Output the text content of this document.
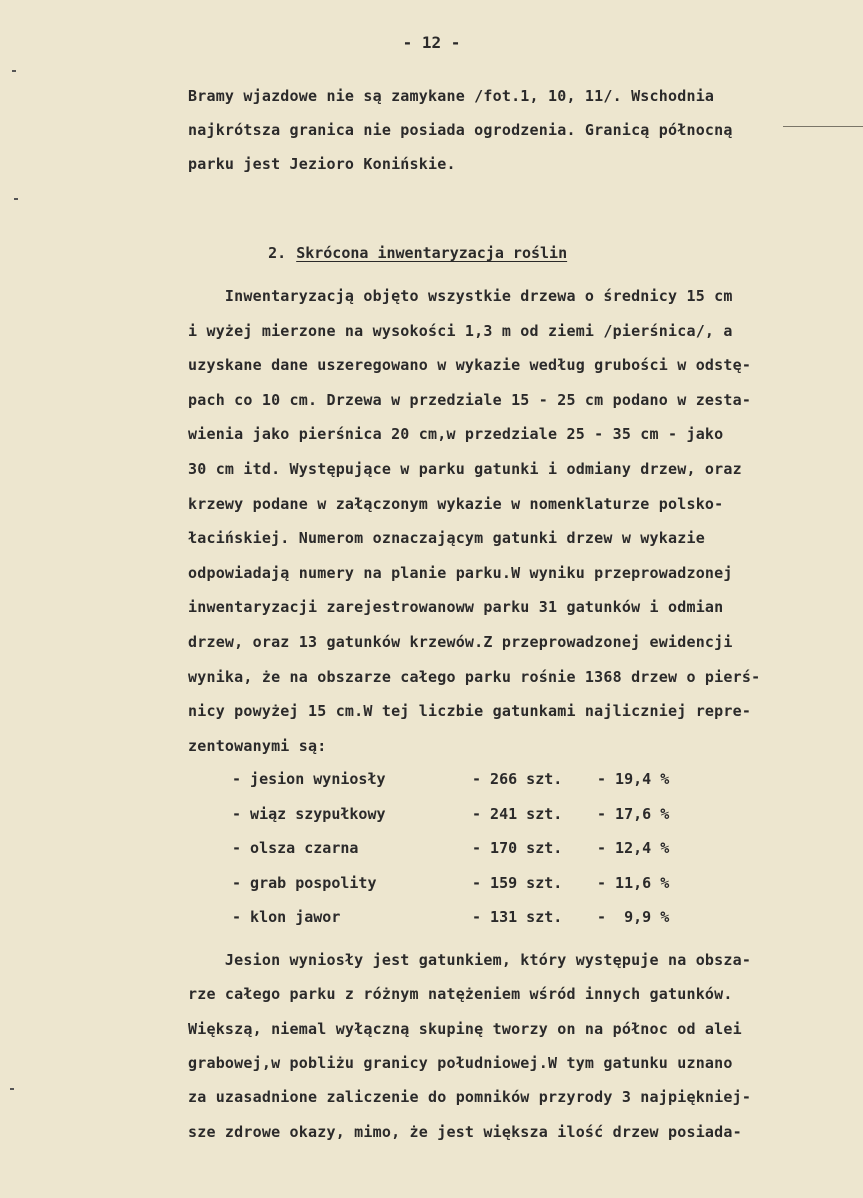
- 12 -
Bramy wjazdowe nie są zamykane /fot.1, 10, 11/. Wschodnia
najkrótsza granica nie posiada ogrodzenia. Granicą północną
parku jest Jezioro Konińskie.

2. Skrócona inwentaryzacja roślin

Inwentaryzacją objęto wszystkie drzewa o średnicy 15 cm
i wyżej mierzone na wysokości 1,3 m od ziemi /pierśnica/, a
uzyskane dane uszeregowano w wykazie według grubości w odstę-
pach co 10 cm. Drzewa w przedziale 15 - 25 cm podano w zesta-
wienia jako pierśnica 20 cm,w przedziale 25 - 35 cm - jako
30 cm itd. Występujące w parku gatunki i odmiany drzew, oraz
krzewy podane w załączonym wykazie w nomenklaturze polsko-
łacińskiej. Numerom oznaczającym gatunki drzew w wykazie
odpowiadają numery na planie parku.W wyniku przeprowadzonej
inwentaryzacji zarejestrowanoww parku 31 gatunków i odmian
drzew, oraz 13 gatunków krzewów.Z przeprowadzonej ewidencji
wynika, że na obszarze całego parku rośnie 1368 drzew o pierś-
nicy powyżej 15 cm.W tej liczbie gatunkami najliczniej repre-
zentowanymi są:
- jesion wyniosły	- 266 szt. - 19,4 %
- wiąz szypułkowy	- 241 szt. - 17,6 %
- olsza czarna	- 170 szt. - 12,4 %
- grab pospolity	- 159 szt. - 11,6 %
- klon jawor	- 131 szt. -  9,9 %
Jesion wyniosły jest gatunkiem, który występuje na obsza-
rze całego parku z różnym natężeniem wśród innych gatunków.
Większą, niemal wyłączną skupinę tworzy on na północ od alei
grabowej,w pobliżu granicy południowej.W tym gatunku uznano
za uzasadnione zaliczenie do pomników przyrody 3 najpiękniej-
sze zdrowe okazy, mimo, że jest większa ilość drzew posiada-
